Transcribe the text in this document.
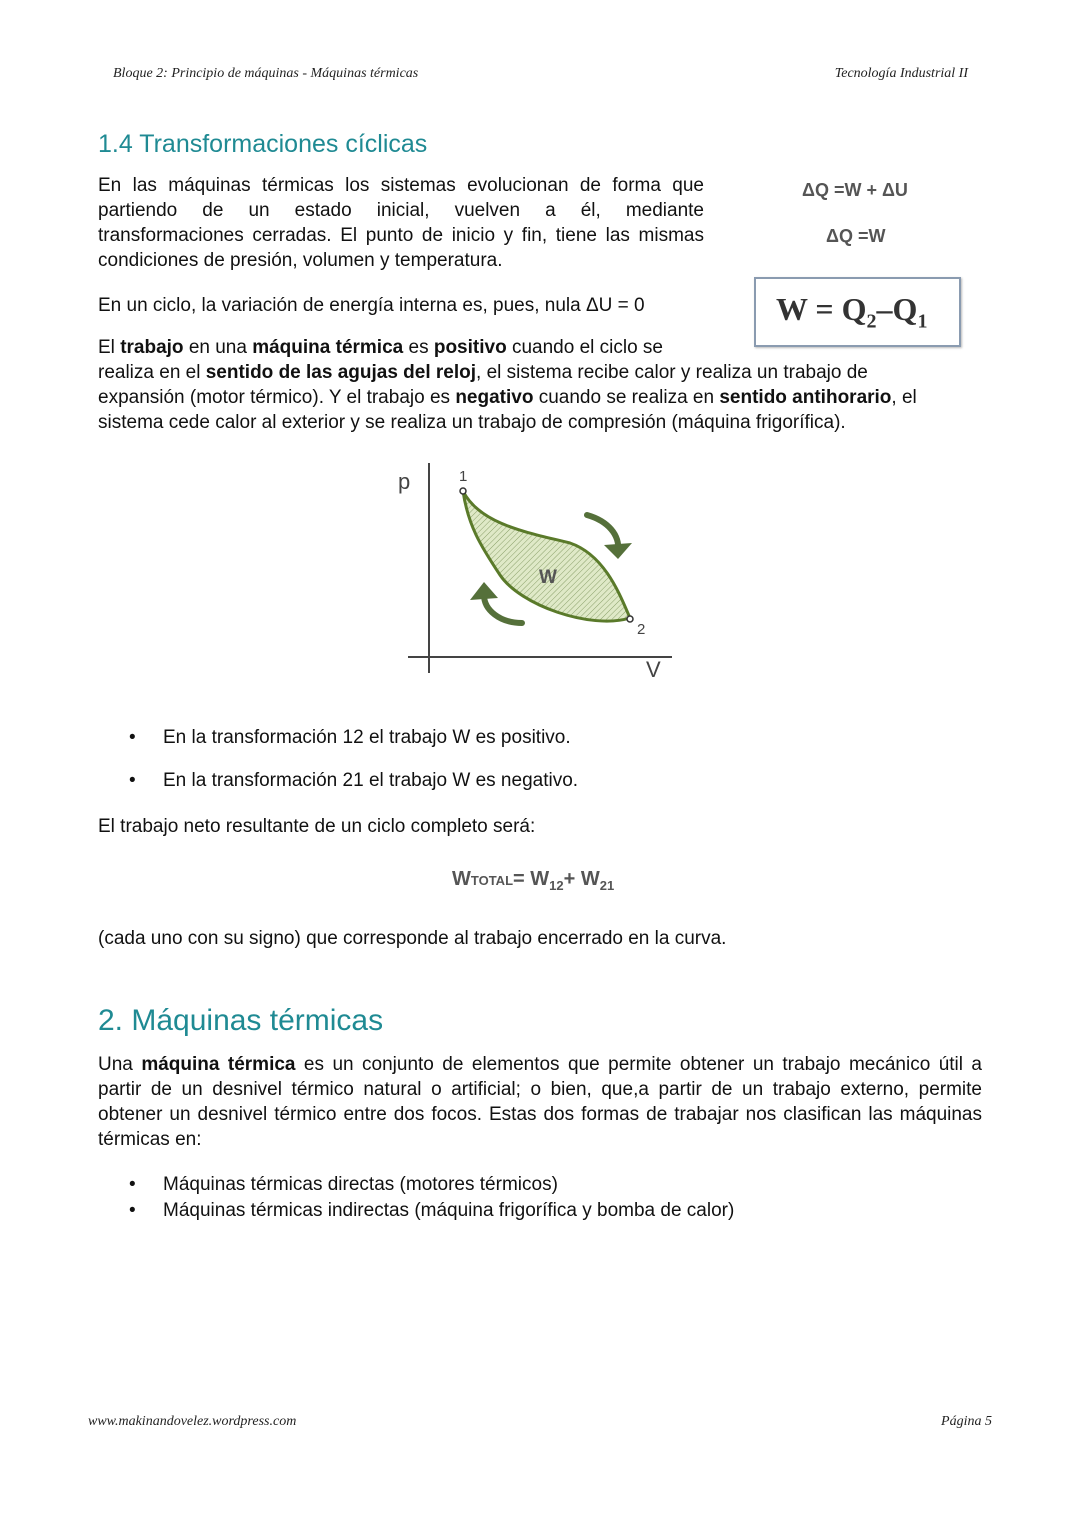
Bloque 2: Principio de máquinas - Máquinas térmicas	Tecnología Industrial II
1.4 Transformaciones cíclicas
En las máquinas térmicas los sistemas evolucionan de forma que
partiendo de un estado inicial, vuelven a él, mediante
transformaciones cerradas. El punto de inicio y fin, tiene las mismas
condiciones de presión, volumen y temperatura.
ΔQ =W + ΔU
ΔQ =W
En un ciclo, la variación de energía interna es, pues, nula ΔU = 0	$W = Q_2-Q_1$
El trabajo en una máquina térmica es positivo cuando el ciclo se
realiza en el sentido de las agujas del reloj, el sistema recibe calor y realiza un trabajo de
expansión (motor térmico). Y el trabajo es negativo cuando se realiza en sentido antihorario, el
sistema cede calor al exterior y se realiza un trabajo de compresión (máquina frigorífica).
p
V
1
2
W
• En la transformación 12 el trabajo W es positivo.
• En la transformación 21 el trabajo W es negativo.
El trabajo neto resultante de un ciclo completo será:
WTOTAL= $W_{12}+ W_{21}$
(cada uno con su signo) que corresponde al trabajo encerrado en la curva.
2. Máquinas térmicas
Una máquina térmica es un conjunto de elementos que permite obtener un trabajo mecánico útil a
partir de un desnivel térmico natural o artificial; o bien, que,a partir de un trabajo externo, permite
obtener un desnivel térmico entre dos focos. Estas dos formas de trabajar nos clasifican las máquinas
térmicas en:
• Máquinas térmicas directas (motores térmicos)
• Máquinas térmicas indirectas (máquina frigorífica y bomba de calor)
www.makinandovelez.wordpress.com	Página 5
